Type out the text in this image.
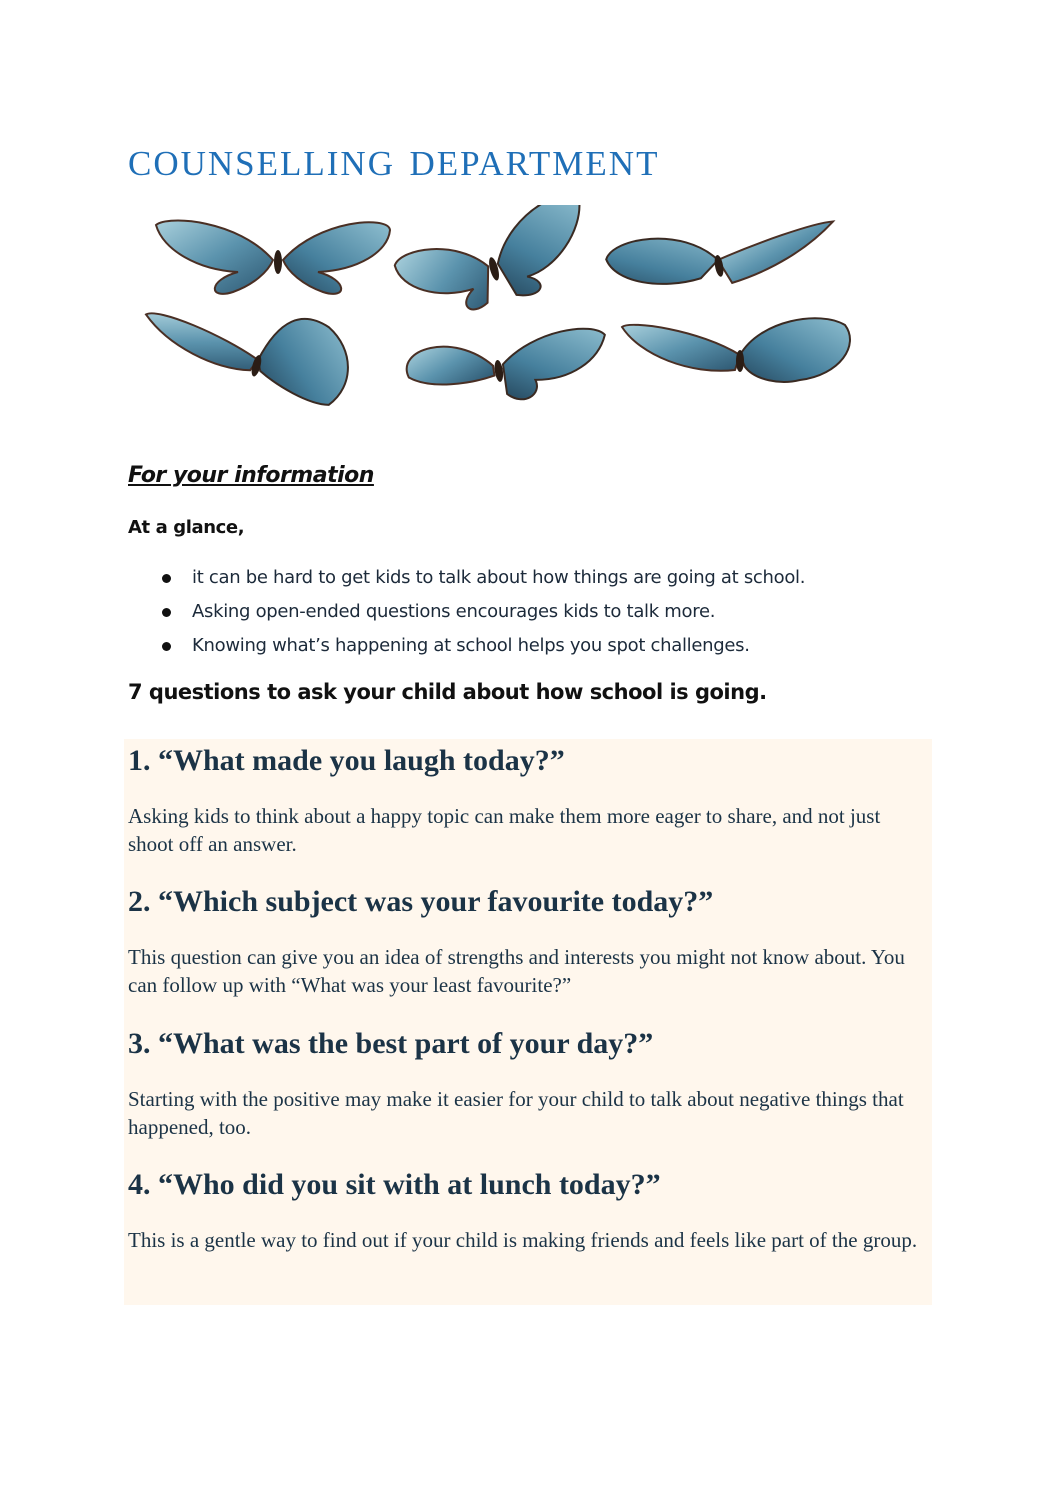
counselling department
For your information
At a glance,
it can be hard to get kids to talk about how things are going at school.
Asking open-ended questions encourages kids to talk more.
Knowing what’s happening at school helps you spot challenges.
7 questions to ask your child about how school is going.
1. “What made you laugh today?”

Asking kids to think about a happy topic can make them more eager to share, and not just shoot off an answer.

2. “Which subject was your favourite today?”

This question can give you an idea of strengths and interests you might not know about. You can follow up with “What was your least favourite?”

3. “What was the best part of your day?”

Starting with the positive may make it easier for your child to talk about negative things that happened, too.

4. “Who did you sit with at lunch today?”

This is a gentle way to find out if your child is making friends and feels like part of the group.
